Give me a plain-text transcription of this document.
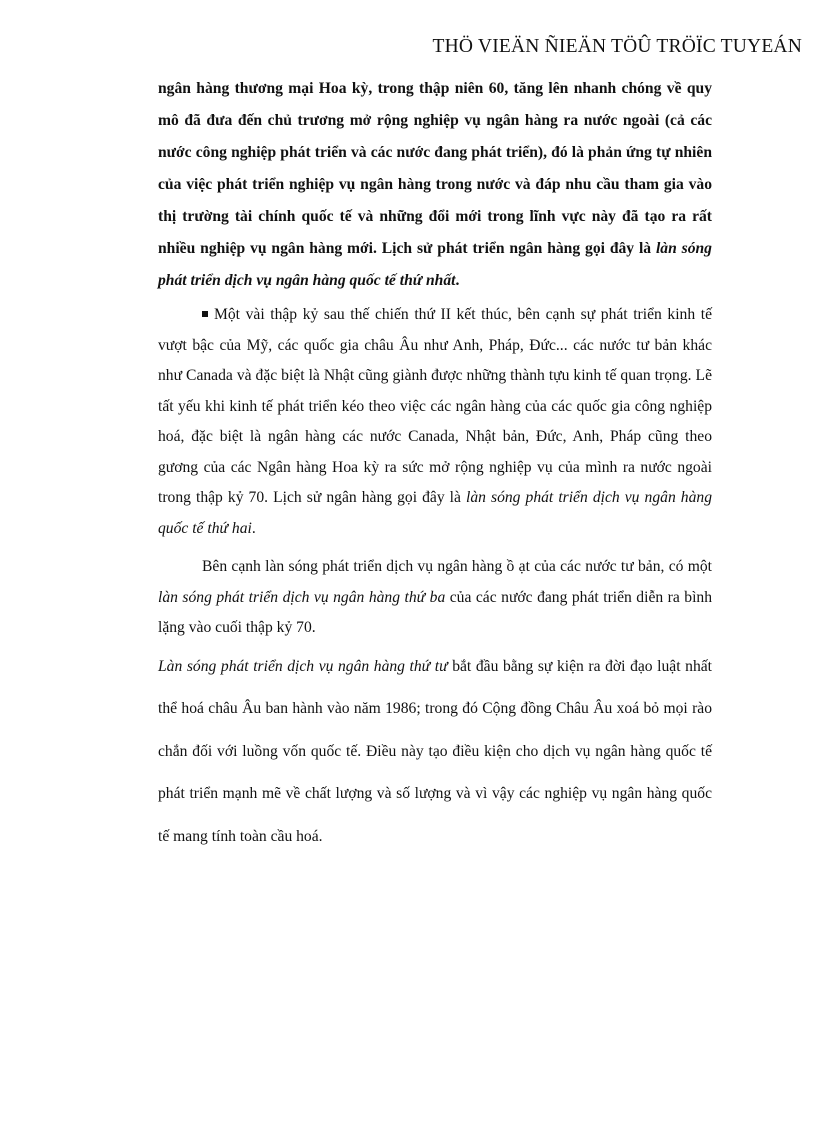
THÖ VIEÄN ÑIEÄN TÖÛ TRÖÏC TUYEÁN

ngân hàng thương mại Hoa kỳ, trong thập niên 60, tăng lên nhanh chóng về quy mô đã đưa đến chủ trương mở rộng nghiệp vụ ngân hàng ra nước ngoài (cả các nước công nghiệp phát triển và các nước đang phát triển), đó là phản ứng tự nhiên của việc phát triển nghiệp vụ ngân hàng trong nước và đáp nhu cầu tham gia vào thị trường tài chính quốc tế và những đổi mới trong lĩnh vực này đã tạo ra rất nhiều nghiệp vụ ngân hàng mới. Lịch sử phát triển ngân hàng gọi đây là làn sóng phát triển dịch vụ ngân hàng quốc tế thứ nhất.

Một vài thập kỷ sau thế chiến thứ II kết thúc, bên cạnh sự phát triển kinh tế vượt bậc của Mỹ, các quốc gia châu Âu như Anh, Pháp, Đức... các nước tư bản khác như Canada và đặc biệt là Nhật cũng giành được những thành tựu kinh tế quan trọng. Lẽ tất yếu khi kinh tế phát triển kéo theo việc các ngân hàng của các quốc gia công nghiệp hoá, đặc biệt là ngân hàng các nước Canada, Nhật bản, Đức, Anh, Pháp cũng theo gương của các Ngân hàng Hoa kỳ ra sức mở rộng nghiệp vụ của mình ra nước ngoài trong thập kỷ 70. Lịch sử ngân hàng gọi đây là làn sóng phát triển dịch vụ ngân hàng quốc tế thứ hai.

Bên cạnh làn sóng phát triển dịch vụ ngân hàng ồ ạt của các nước tư bản, có một làn sóng phát triển dịch vụ ngân hàng thứ ba của các nước đang phát triển diễn ra bình lặng vào cuối thập kỷ 70.

Làn sóng phát triển dịch vụ ngân hàng thứ tư bắt đầu bằng sự kiện ra đời đạo luật nhất thể hoá châu Âu ban hành vào năm 1986; trong đó Cộng đồng Châu Âu xoá bỏ mọi rào chắn đối với luồng vốn quốc tế. Điều này tạo điều kiện cho dịch vụ ngân hàng quốc tế phát triển mạnh mẽ về chất lượng và số lượng và vì vậy các nghiệp vụ ngân hàng quốc tế mang tính toàn cầu hoá.
